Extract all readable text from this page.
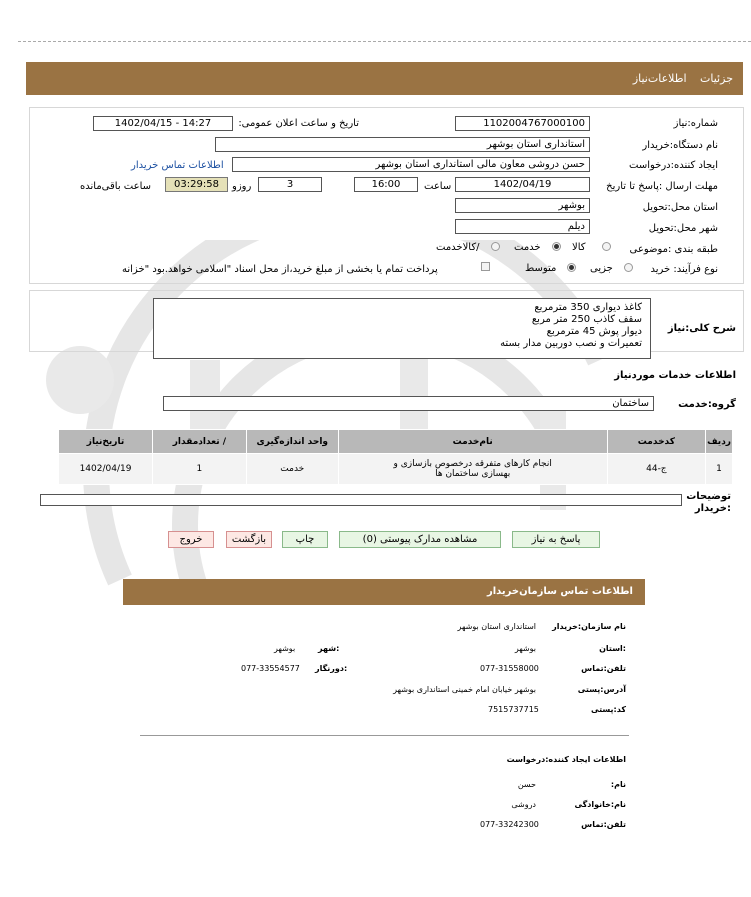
جزئیات اطلاعات‌نیاز
شماره:نیاز
1102004767000100
تاریخ و ساعت اعلان عمومی:
1402/04/15 - 14:27
نام دستگاه:خریدار
استانداری استان بوشهر
ایجاد کننده:درخواست
حسن دروشی معاون مالی استانداری استان بوشهر
اطلاعات تماس خریدار
مهلت ارسال :پاسخ تا تاریخ
1402/04/19
ساعت
16:00
3
روزو
03:29:58
ساعت باقی‌مانده
استان محل:تحویل
بوشهر
شهر محل:تحویل
دیلم
طبقه بندی :موضوعی
کالا
خدمت
/کالاخدمت
نوع فرآیند: خرید
جزیی
متوسط
پرداخت تمام یا بخشی از مبلغ خرید،از محل اسناد "اسلامی خواهد.بود "خزانه
شرح کلی:نیاز
کاغذ دیواری 350 مترمربع
سقف کاذب 250 متر مربع
دیوار پوش 45 مترمربع
تعمیرات و نصب دوربین مدار بسته
اطلاعات خدمات موردنیاز
گروه:خدمت
ساختمان
ردیف	کدخدمت	نام‌خدمت	واحد اندازه‌گیری	/ تعدادمقدار	تاریخ‌نیاز
1	ج-44	انجام کارهای متفرقه درخصوص بازسازی و بهسازی ساختمان ها	خدمت	1	1402/04/19
توضیحات :خریدار
پاسخ به نیاز
مشاهده مدارک پیوستی (0)
چاپ
بازگشت
خروج
اطلاعات تماس سازمان‌خریدار
نام سازمان:خریدار
استانداری استان بوشهر
:استان
بوشهر
:شهر
بوشهر
تلفن:تماس
077-31558000
:دورنگار
077-33554577
آدرس:پستی
بوشهر خیابان امام خمینی استانداری بوشهر
کد:پستی
7515737715
اطلاعات ایجاد کننده:درخواست
نام:
حسن
نام:خانوادگی
دروشی
تلفن:تماس
077-33242300
